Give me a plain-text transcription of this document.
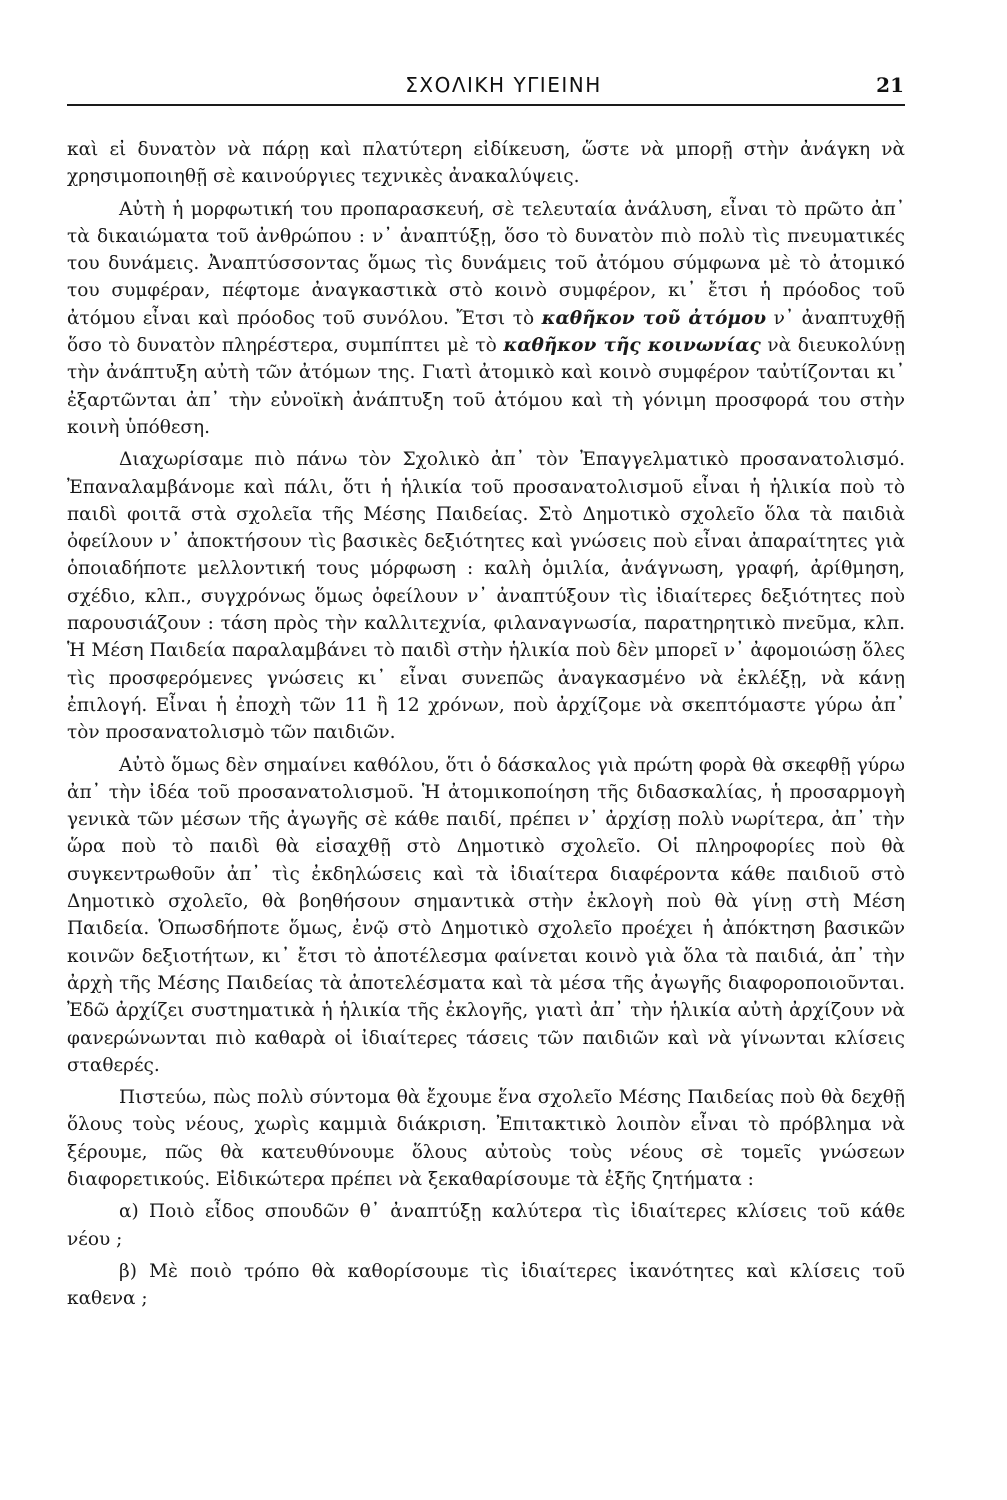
ΣΧΟΛΙΚΗ ΥΓΙΕΙΝΗ	21

καὶ εἰ δυνατὸν νὰ πάρῃ καὶ πλατύτερη εἰδίκευση, ὥστε νὰ μπορῇ στὴν ἀνάγκη νὰ χρησιμοποιηθῇ σὲ καινούργιες τεχνικὲς ἀνακαλύψεις.

Αὐτὴ ἡ μορφωτική του προπαρασκευή, σὲ τελευταία ἀνάλυση, εἶναι τὸ πρῶτο ἀπ᾿ τὰ δικαιώματα τοῦ ἀνθρώπου : ν᾿ ἀναπτύξῃ, ὅσο τὸ δυνατὸν πιὸ πολὺ τὶς πνευματικές του δυνάμεις. Ἀναπτύσσοντας ὅμως τὶς δυνάμεις τοῦ ἀτόμου σύμφωνα μὲ τὸ ἀτομικό του συμφέραν, πέφτομε ἀναγκαστικὰ στὸ κοινὸ συμφέρον, κι᾿ ἔτσι ἡ πρόοδος τοῦ ἀτόμου εἶναι καὶ πρόοδος τοῦ συνόλου. Ἔτσι τὸ καθῆκον τοῦ ἀτόμου ν᾿ ἀναπτυχθῇ ὅσο τὸ δυνατὸν πληρέστερα, συμπίπτει μὲ τὸ καθῆκον τῆς κοινωνίας νὰ διευκολύνῃ τὴν ἀνάπτυξη αὐτὴ τῶν ἀτόμων της. Γιατὶ ἀτομικὸ καὶ κοινὸ συμφέρον ταὐτίζονται κι᾿ ἐξαρτῶνται ἀπ᾿ τὴν εὐνοϊκὴ ἀνάπτυξη τοῦ ἀτόμου καὶ τὴ γόνιμη προσφορά του στὴν κοινὴ ὑπόθεση.

Διαχωρίσαμε πιὸ πάνω τὸν Σχολικὸ ἀπ᾿ τὸν Ἐπαγγελματικὸ προσανατολισμό. Ἐπαναλαμβάνομε καὶ πάλι, ὅτι ἡ ἡλικία τοῦ προσανατολισμοῦ εἶναι ἡ ἡλικία ποὺ τὸ παιδὶ φοιτᾶ στὰ σχολεῖα τῆς Μέσης Παιδείας. Στὸ Δημοτικὸ σχολεῖο ὅλα τὰ παιδιὰ ὀφείλουν ν᾿ ἀποκτήσουν τὶς βασικὲς δεξιότητες καὶ γνώσεις ποὺ εἶναι ἀπαραίτητες γιὰ ὁποιαδήποτε μελλοντική τους μόρφωση : καλὴ ὁμιλία, ἀνάγνωση, γραφή, ἀρίθμηση, σχέδιο, κλπ., συγχρόνως ὅμως ὀφείλουν ν᾿ ἀναπτύξουν τὶς ἰδιαίτερες δεξιότητες ποὺ παρουσιάζουν : τάση πρὸς τὴν καλλιτεχνία, φιλαναγνωσία, παρατηρητικὸ πνεῦμα, κλπ. Ἡ Μέση Παιδεία παραλαμβάνει τὸ παιδὶ στὴν ἡλικία ποὺ δὲν μπορεῖ ν᾿ ἀφομοιώσῃ ὅλες τὶς προσφερόμενες γνώσεις κι᾿ εἶναι συνεπῶς ἀναγκασμένο νὰ ἐκλέξῃ, νὰ κάνῃ ἐπιλογή. Εἶναι ἡ ἐποχὴ τῶν 11 ἢ 12 χρόνων, ποὺ ἀρχίζομε νὰ σκεπτόμαστε γύρω ἀπ᾿ τὸν προσανατολισμὸ τῶν παιδιῶν.

Αὐτὸ ὅμως δὲν σημαίνει καθόλου, ὅτι ὁ δάσκαλος γιὰ πρώτη φορὰ θὰ σκεφθῇ γύρω ἀπ᾿ τὴν ἰδέα τοῦ προσανατολισμοῦ. Ἡ ἀτομικοποίηση τῆς διδασκαλίας, ἡ προσαρμογὴ γενικὰ τῶν μέσων τῆς ἀγωγῆς σὲ κάθε παιδί, πρέπει ν᾿ ἀρχίσῃ πολὺ νωρίτερα, ἀπ᾿ τὴν ὥρα ποὺ τὸ παιδὶ θὰ εἰσαχθῇ στὸ Δημοτικὸ σχολεῖο. Οἱ πληροφορίες ποὺ θὰ συγκεντρωθοῦν ἀπ᾿ τὶς ἐκδηλώσεις καὶ τὰ ἰδιαίτερα διαφέροντα κάθε παιδιοῦ στὸ Δημοτικὸ σχολεῖο, θὰ βοηθήσουν σημαντικὰ στὴν ἐκλογὴ ποὺ θὰ γίνῃ στὴ Μέση Παιδεία. Ὁπωσδήποτε ὅμως, ἐνῷ στὸ Δημοτικὸ σχολεῖο προέχει ἡ ἀπόκτηση βασικῶν κοινῶν δεξιοτήτων, κι᾿ ἔτσι τὸ ἀποτέλεσμα φαίνεται κοινὸ γιὰ ὅλα τὰ παιδιά, ἀπ᾿ τὴν ἀρχὴ τῆς Μέσης Παιδείας τὰ ἀποτελέσματα καὶ τὰ μέσα τῆς ἀγωγῆς διαφοροποιοῦνται. Ἐδῶ ἀρχίζει συστηματικὰ ἡ ἡλικία τῆς ἐκλογῆς, γιατὶ ἀπ᾿ τὴν ἡλικία αὐτὴ ἀρχίζουν νὰ φανερώνωνται πιὸ καθαρὰ οἱ ἰδιαίτερες τάσεις τῶν παιδιῶν καὶ νὰ γίνωνται κλίσεις σταθερές.

Πιστεύω, πὼς πολὺ σύντομα θὰ ἔχουμε ἕνα σχολεῖο Μέσης Παιδείας ποὺ θὰ δεχθῇ ὅλους τοὺς νέους, χωρὶς καμμιὰ διάκριση. Ἐπιτακτικὸ λοιπὸν εἶναι τὸ πρόβλημα νὰ ξέρουμε, πῶς θὰ κατευθύνουμε ὅλους αὐτοὺς τοὺς νέους σὲ τομεῖς γνώσεων διαφορετικούς. Εἰδικώτερα πρέπει νὰ ξεκαθαρίσουμε τὰ ἑξῆς ζητήματα :

α) Ποιὸ εἶδος σπουδῶν θ᾿ ἀναπτύξῃ καλύτερα τὶς ἰδιαίτερες κλίσεις τοῦ κάθε νέου ;

β) Μὲ ποιὸ τρόπο θὰ καθορίσουμε τὶς ἰδιαίτερες ἱκανότητες καὶ κλίσεις τοῦ καθενα ;
